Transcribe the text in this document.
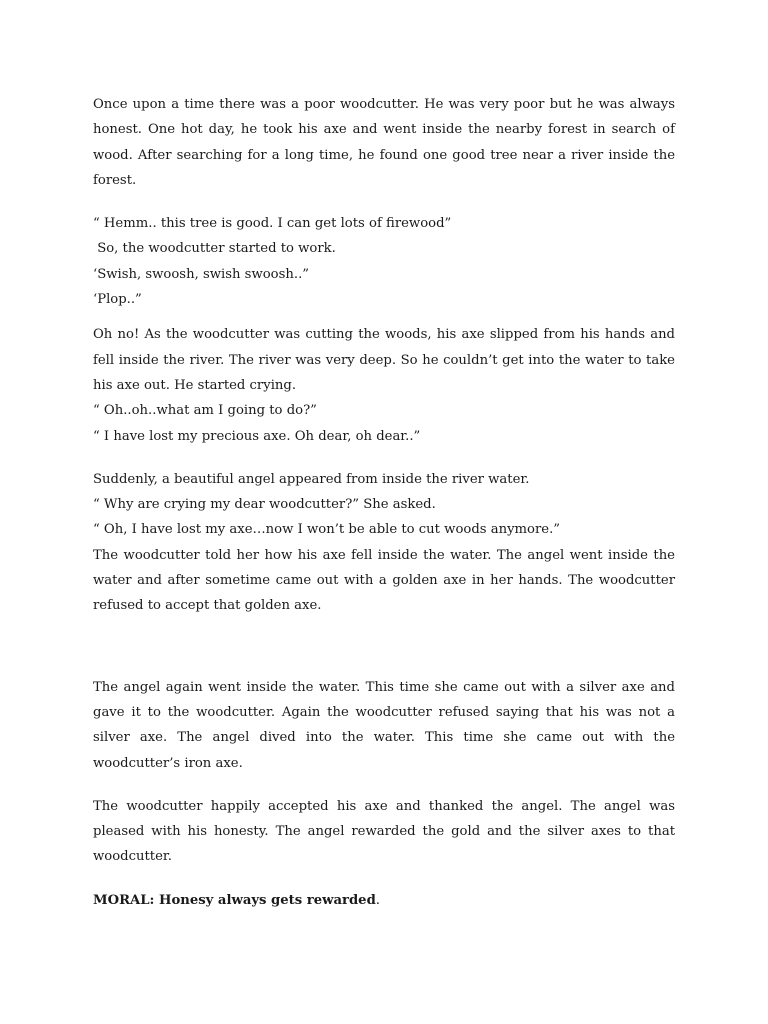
Once upon a time there was a poor woodcutter. He was very poor but he was always honest. One hot day, he took his axe and went inside the nearby forest in search of wood. After searching for a long time, he found one good tree near a river inside the forest.

“ Hemm.. this tree is good. I can get lots of firewood”
So, the woodcutter started to work.
‘Swish, swoosh, swish swoosh..”
‘Plop..”

Oh no! As the woodcutter was cutting the woods, his axe slipped from his hands and fell inside the river. The river was very deep. So he couldn’t get into the water to take his axe out. He started crying.

“ Oh..oh..what am I going to do?”
“ I have lost my precious axe. Oh dear, oh dear..”
Suddenly, a beautiful angel appeared from inside the river water.
“ Why are crying my dear woodcutter?” She asked.
“ Oh, I have lost my axe…now I won’t be able to cut woods anymore.”

The woodcutter told her how his axe fell inside the water. The angel went inside the water and after sometime came out with a golden axe in her hands. The woodcutter refused to accept that golden axe.

The angel again went inside the water. This time she came out with a silver axe and gave it to the woodcutter. Again the woodcutter refused saying that his was not a silver axe. The angel dived into the water. This time she came out with the woodcutter’s iron axe.

The woodcutter happily accepted his axe and thanked the angel. The angel was pleased with his honesty. The angel rewarded the gold and the silver axes to that woodcutter.

MORAL: Honesy always gets rewarded.
